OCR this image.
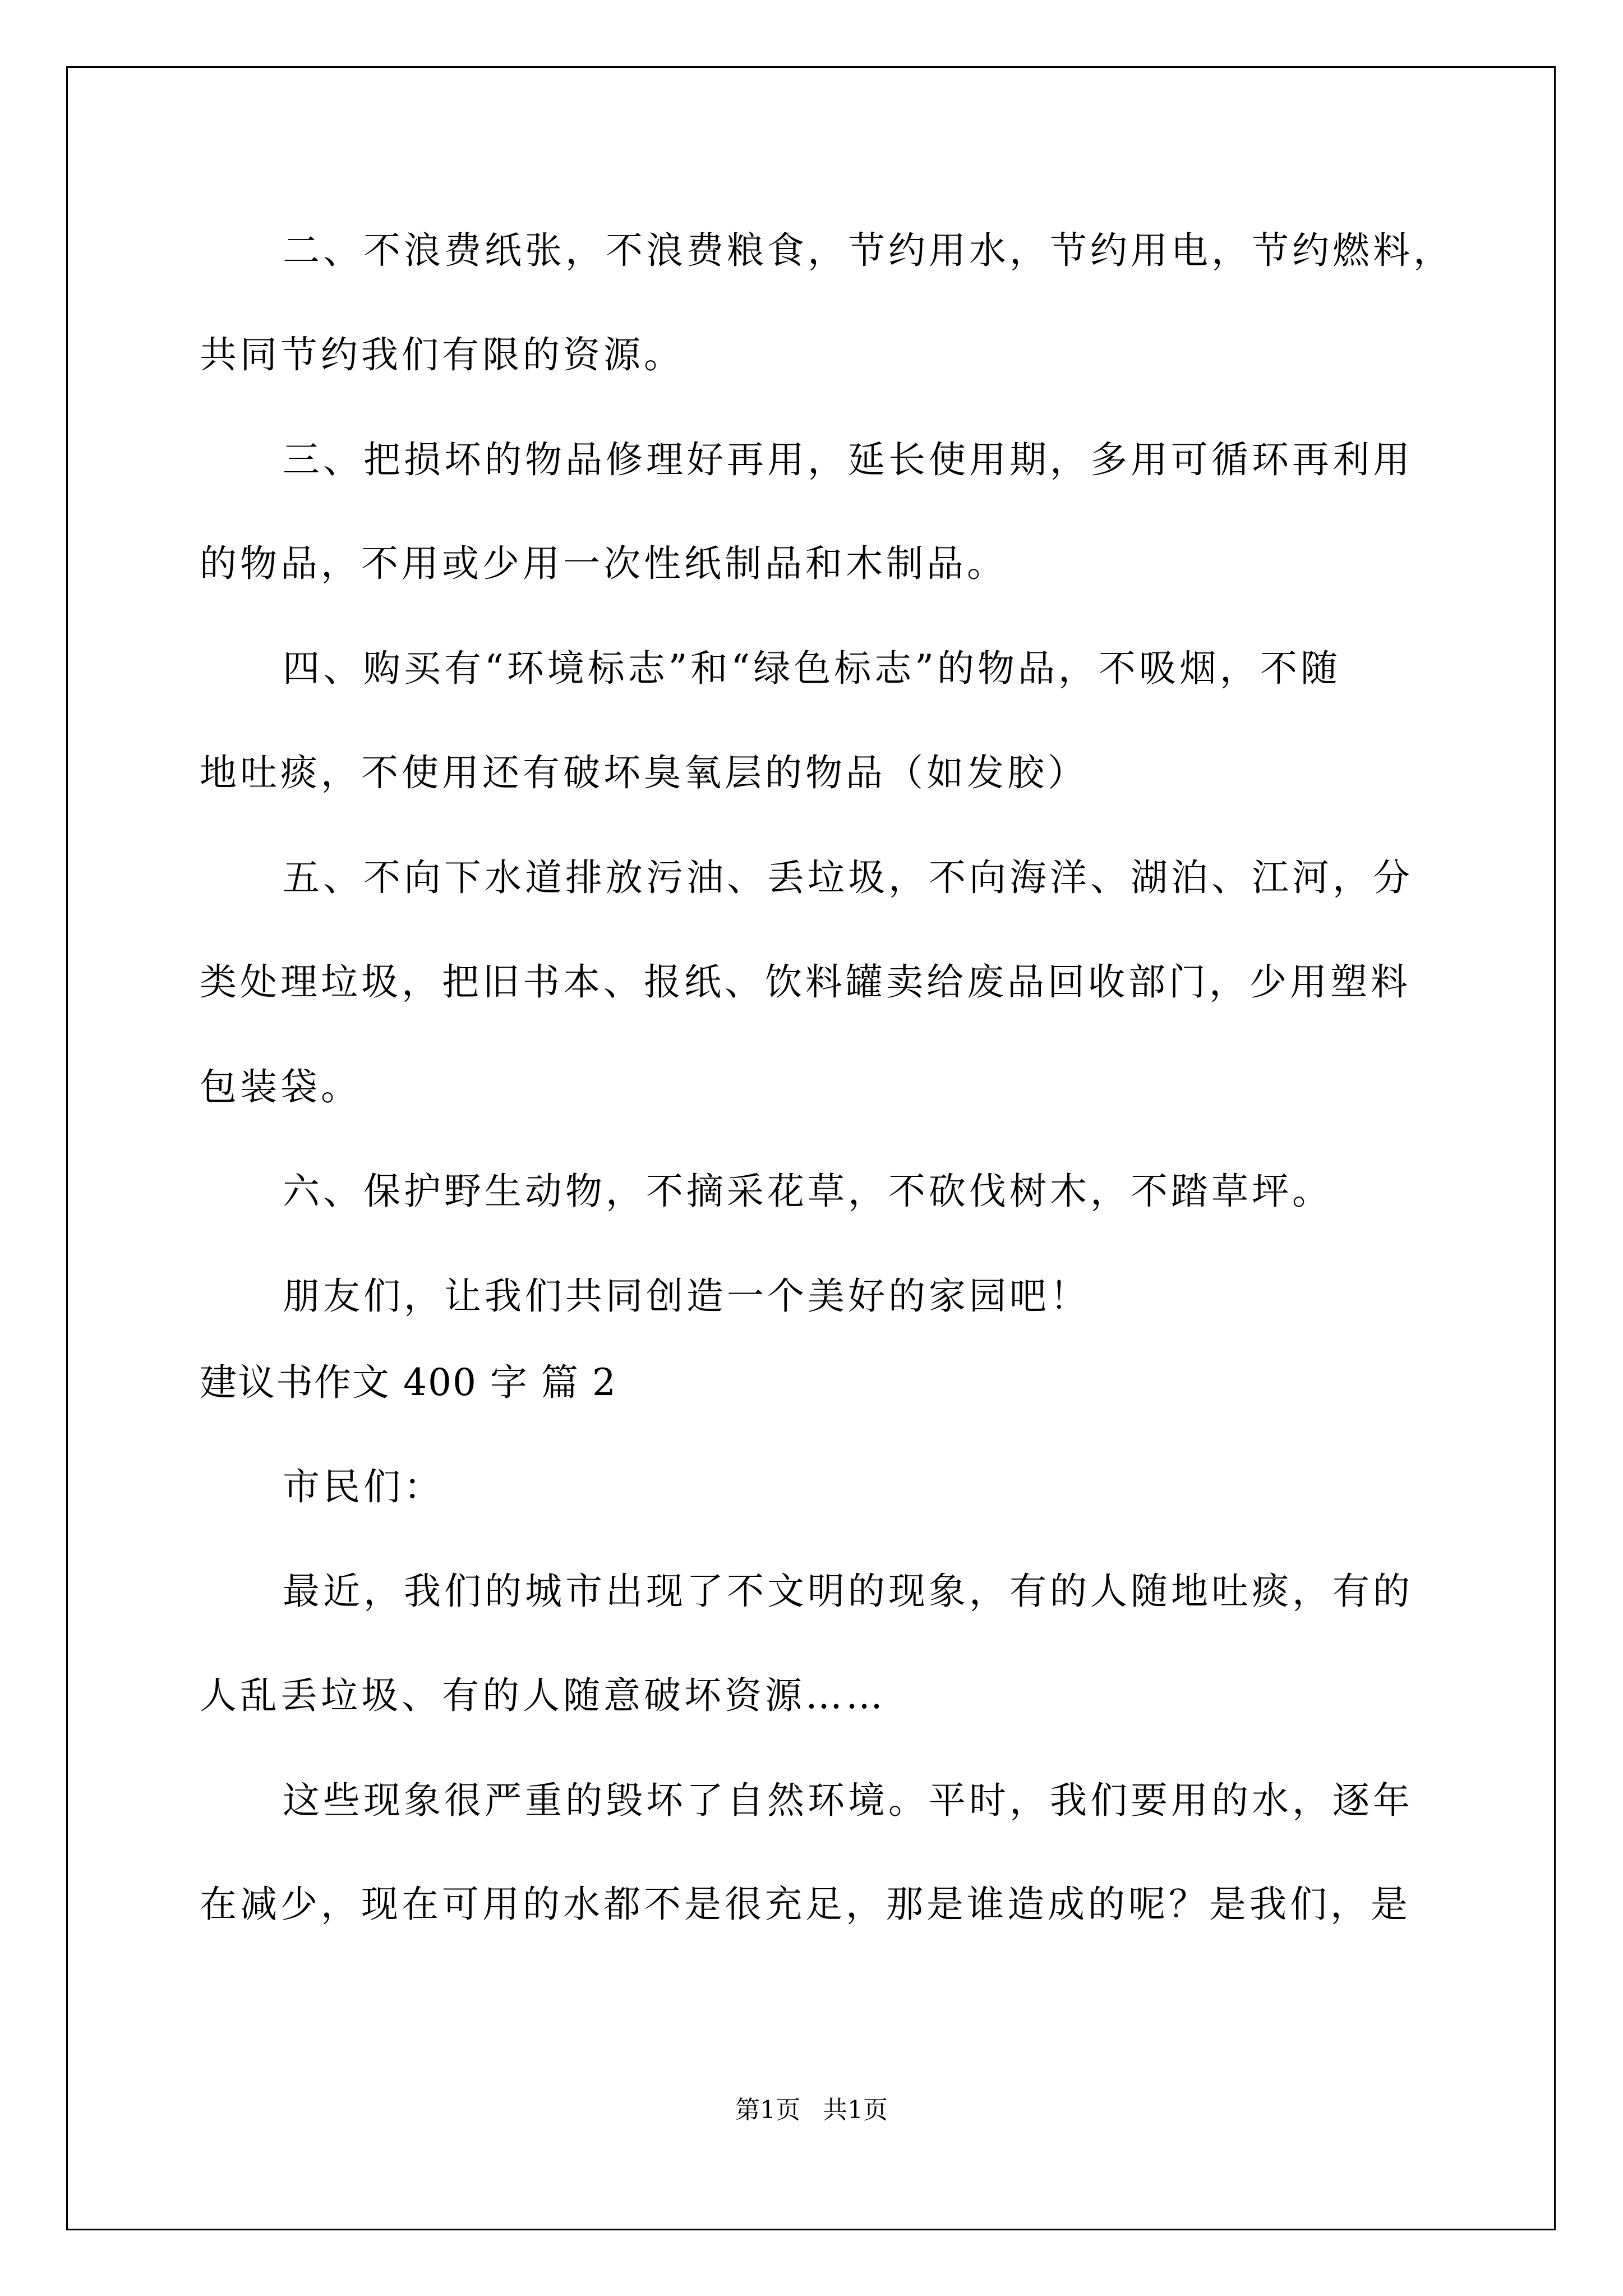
二、不浪费纸张，不浪费粮食，节约用水，节约用电，节约燃料，
共同节约我们有限的资源。
三、把损坏的物品修理好再用，延长使用期，多用可循环再利用
的物品，不用或少用一次性纸制品和木制品。
四、购买有“环境标志”和“绿色标志”的物品，不吸烟，不随
地吐痰，不使用还有破坏臭氧层的物品（如发胶）
五、不向下水道排放污油、丢垃圾，不向海洋、湖泊、江河，分
类处理垃圾，把旧书本、报纸、饮料罐卖给废品回收部门，少用塑料
包装袋。
六、保护野生动物，不摘采花草，不砍伐树木，不踏草坪。
朋友们，让我们共同创造一个美好的家园吧！
建议书作文 400 字 篇 2
市民们：
最近，我们的城市出现了不文明的现象，有的人随地吐痰，有的
人乱丢垃圾、有的人随意破坏资源……
这些现象很严重的毁坏了自然环境。平时，我们要用的水，逐年
在减少，现在可用的水都不是很充足，那是谁造成的呢？是我们，是
第1页 共1页
